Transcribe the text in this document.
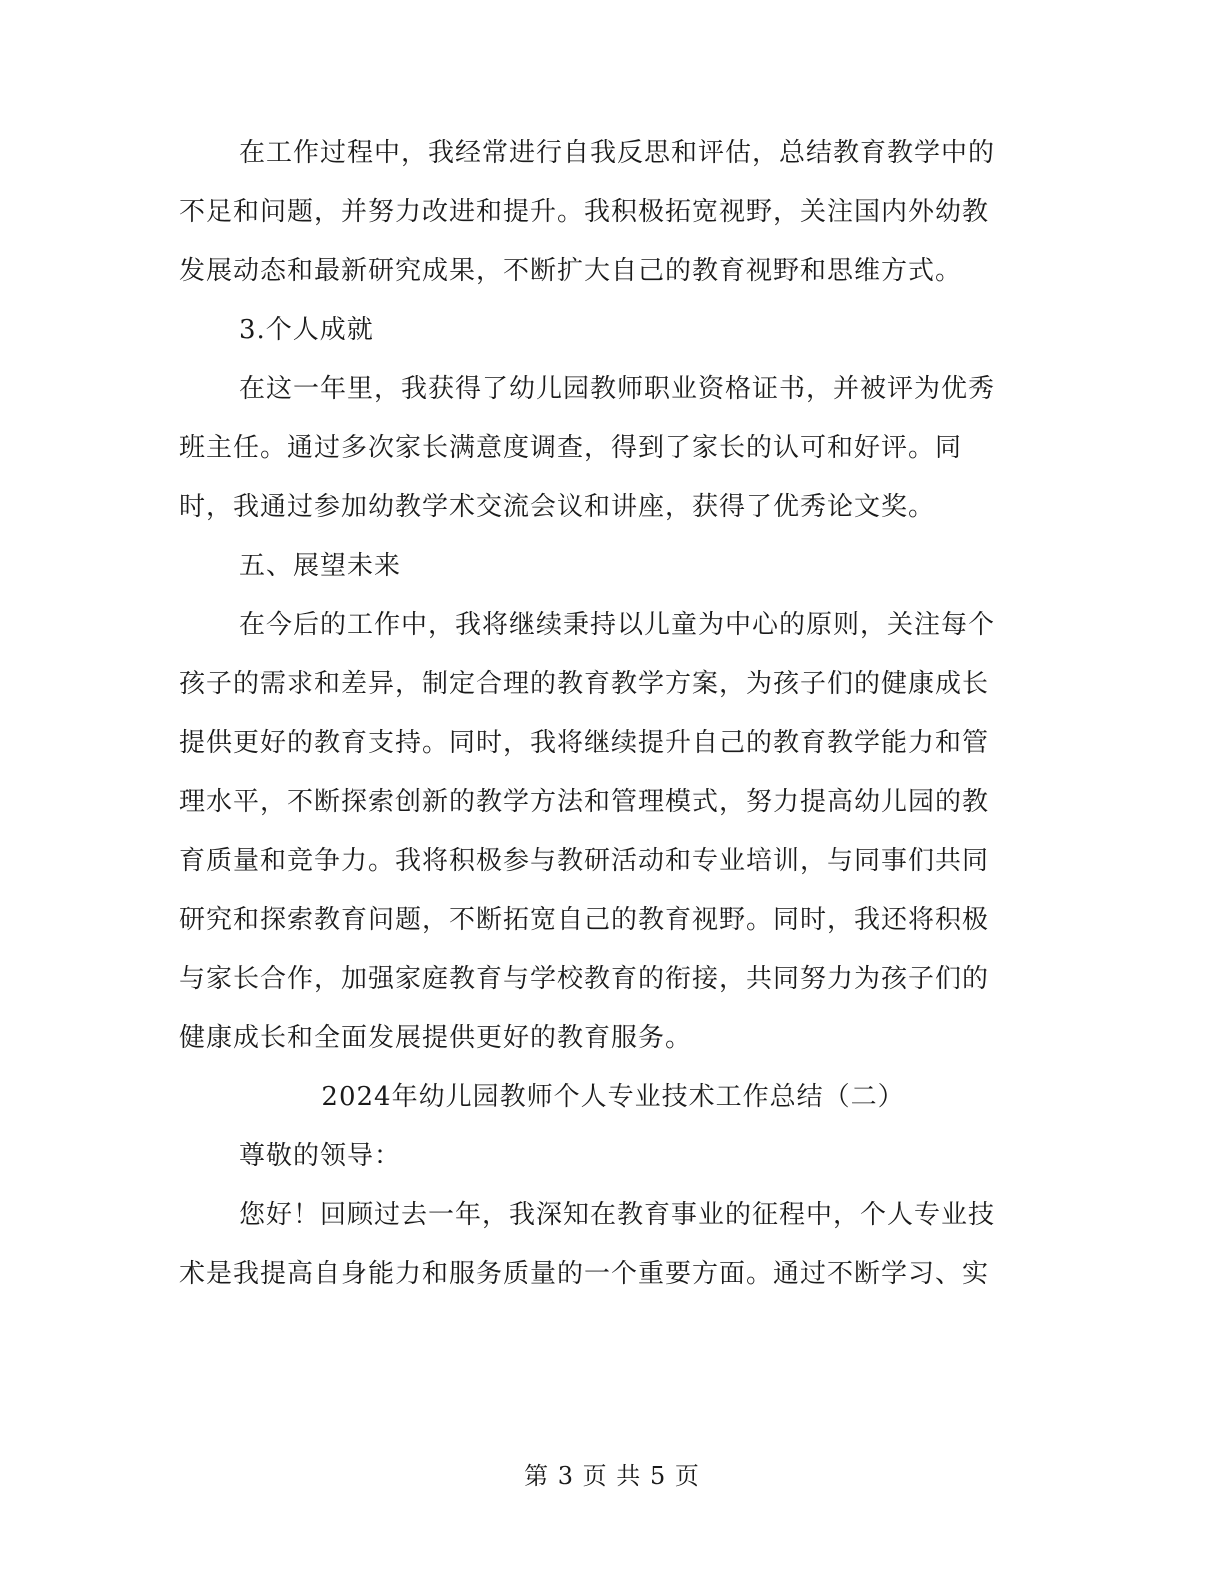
在工作过程中，我经常进行自我反思和评估，总结教育教学中的
不足和问题，并努力改进和提升。我积极拓宽视野，关注国内外幼教
发展动态和最新研究成果，不断扩大自己的教育视野和思维方式。
3.个人成就
在这一年里，我获得了幼儿园教师职业资格证书，并被评为优秀
班主任。通过多次家长满意度调查，得到了家长的认可和好评。同
时，我通过参加幼教学术交流会议和讲座，获得了优秀论文奖。
五、展望未来
在今后的工作中，我将继续秉持以儿童为中心的原则，关注每个
孩子的需求和差异，制定合理的教育教学方案，为孩子们的健康成长
提供更好的教育支持。同时，我将继续提升自己的教育教学能力和管
理水平，不断探索创新的教学方法和管理模式，努力提高幼儿园的教
育质量和竞争力。我将积极参与教研活动和专业培训，与同事们共同
研究和探索教育问题，不断拓宽自己的教育视野。同时，我还将积极
与家长合作，加强家庭教育与学校教育的衔接，共同努力为孩子们的
健康成长和全面发展提供更好的教育服务。
2024年幼儿园教师个人专业技术工作总结（二）
尊敬的领导：
您好！回顾过去一年，我深知在教育事业的征程中，个人专业技
术是我提高自身能力和服务质量的一个重要方面。通过不断学习、实
第 3 页 共 5 页
